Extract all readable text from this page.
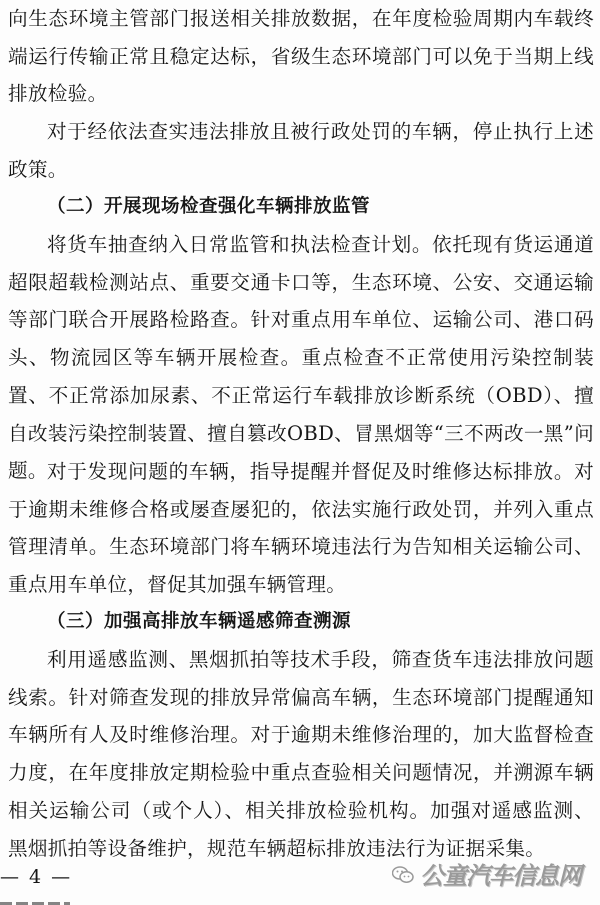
向生态环境主管部门报送相关排放数据，在年度检验周期内车载终端运行传输正常且稳定达标，省级生态环境部门可以免于当期上线排放检验。

对于经依法查实违法排放且被行政处罚的车辆，停止执行上述政策。

（二）开展现场检查强化车辆排放监管

将货车抽查纳入日常监管和执法检查计划。依托现有货运通道超限超载检测站点、重要交通卡口等，生态环境、公安、交通运输等部门联合开展路检路查。针对重点用车单位、运输公司、港口码头、物流园区等车辆开展检查。重点检查不正常使用污染控制装置、不正常添加尿素、不正常运行车载排放诊断系统（OBD）、擅自改装污染控制装置、擅自篡改OBD、冒黑烟等“三不两改一黑”问题。 对于发现问题的车辆，指导提醒并督促及时维修达标排放。对于逾期未维修合格或屡查屡犯的，依法实施行政处罚，并列入重点管理清单。生态环境部门将车辆环境违法行为告知相关运输公司、重点用车单位，督促其加强车辆管理。

（三）加强高排放车辆遥感筛查溯源

利用遥感监测、黑烟抓拍等技术手段，筛查货车违法排放问题线索。针对筛查发现的排放异常偏高车辆，生态环境部门提醒通知车辆所有人及时维修治理。对于逾期未维修治理的，加大监督检查力度，在年度排放定期检验中重点查验相关问题情况，并溯源车辆相关运输公司（或个人）、相关排放检验机构。加强对遥感监测、黑烟抓拍等设备维护，规范车辆超标排放违法行为证据采集。

— 4 —	公童汽车信息网
